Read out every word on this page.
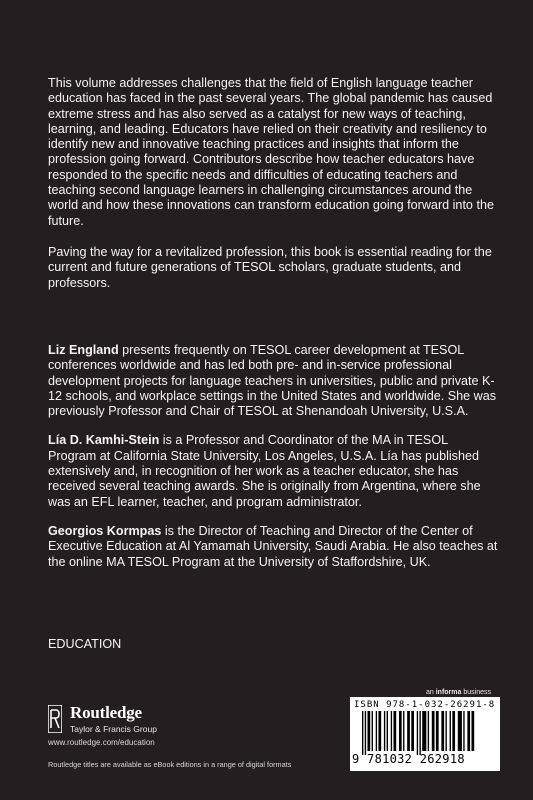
This volume addresses challenges that the field of English language teacher education has faced in the past several years. The global pandemic has caused extreme stress and has also served as a catalyst for new ways of teaching, learning, and leading. Educators have relied on their creativity and resiliency to identify new and innovative teaching practices and insights that inform the profession going forward. Contributors describe how teacher educators have responded to the specific needs and difficulties of educating teachers and teaching second language learners in challenging circumstances around the world and how these innovations can transform education going forward into the future.

Paving the way for a revitalized profession, this book is essential reading for the current and future generations of TESOL scholars, graduate students, and professors.

Liz England presents frequently on TESOL career development at TESOL conferences worldwide and has led both pre- and in-service professional development projects for language teachers in universities, public and private K-12 schools, and workplace settings in the United States and worldwide. She was previously Professor and Chair of TESOL at Shenandoah University, U.S.A.

Lía D. Kamhi-Stein is a Professor and Coordinator of the MA in TESOL Program at California State University, Los Angeles, U.S.A. Lía has published extensively and, in recognition of her work as a teacher educator, she has received several teaching awards. She is originally from Argentina, where she was an EFL learner, teacher, and program administrator.

Georgios Kormpas is the Director of Teaching and Director of the Center of Executive Education at Al Yamamah University, Saudi Arabia. He also teaches at the online MA TESOL Program at the University of Staffordshire, UK.

EDUCATION
Routledge
Taylor & Francis Group
www.routledge.com/education
Routledge titles are available as eBook editions in a range of digital formats
an informa business
ISBN 978-1-032-26291-8
9 781032 262918
